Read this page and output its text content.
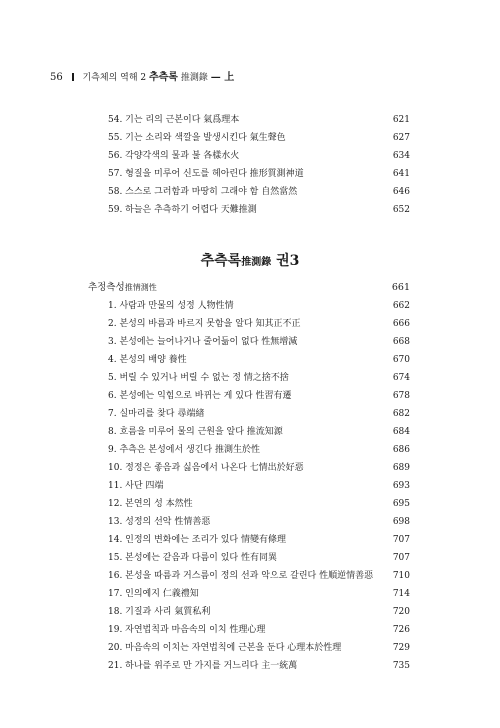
56 기측체의 역해 2 추측록 推測錄 — 上
54. 기는 리의 근본이다 氣爲理本	621
55. 기는 소리와 색깔을 발생시킨다 氣生聲色	627
56. 각양각색의 물과 불 各樣水火	634
57. 형질을 미루어 신도를 헤아린다 推形質測神道	641
58. 스스로 그러함과 마땅히 그래야 함 自然當然	646
59. 하늘은 추측하기 어렵다 天難推測	652
추측록推測錄 권3
추정측성推情測性	661
1. 사람과 만물의 성정 人物性情	662
2. 본성의 바름과 바르지 못함을 알다 知其正不正	666
3. 본성에는 늘어나거나 줄어듦이 없다 性無增減	668
4. 본성의 배양 養性	670
5. 버릴 수 있거나 버릴 수 없는 정 情之捨不捨	674
6. 본성에는 익힘으로 바뀌는 게 있다 性習有遷	678
7. 실마리를 찾다 尋端緖	682
8. 흐름을 미루어 물의 근원을 알다 推流知源	684
9. 추측은 본성에서 생긴다 推測生於性	686
10. 정정은 좋음과 싫음에서 나온다 七情出於好惡	689
11. 사단 四端	693
12. 본연의 성 本然性	695
13. 성정의 선악 性情善惡	698
14. 인정의 변화에는 조리가 있다 情變有條理	707
15. 본성에는 같음과 다름이 있다 性有同異	707
16. 본성을 따름과 거스름이 정의 선과 악으로 갈린다 性順逆情善惡 710
17. 인의예지 仁義禮知	714
18. 기질과 사리 氣質私利	720
19. 자연법칙과 마음속의 이치 性理心理	726
20. 마음속의 이치는 자연법칙에 근본을 둔다 心理本於性理	729
21. 하나를 위주로 만 가지를 거느리다 主一統萬	735
